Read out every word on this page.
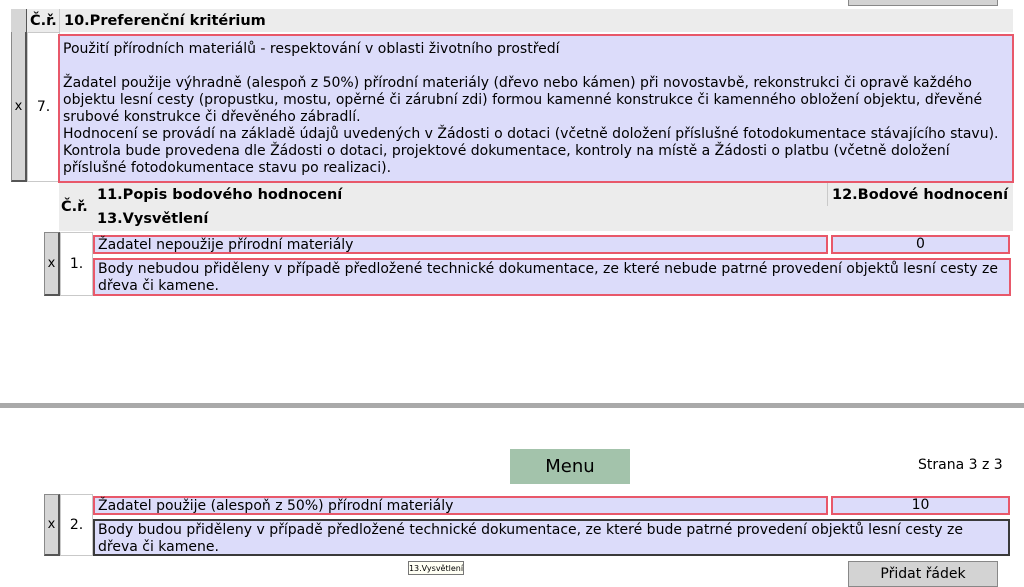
Č.ř. 10.Preferenční kritérium
x	7.
Použití přírodních materiálů - respektování v oblasti životního prostředí
Žadatel použije výhradně (alespoň z 50%) přírodní materiály (dřevo nebo kámen) při novostavbě, rekonstrukci či opravě každého objektu lesní cesty (propustku, mostu, opěrné či zárubní zdi) formou kamenné konstrukce či kamenného obložení objektu, dřevěné srubové konstrukce či dřevěného zábradlí.
Hodnocení se provádí na základě údajů uvedených v Žádosti o dotaci (včetně doložení příslušné fotodokumentace stávajícího stavu). Kontrola bude provedena dle Žádosti o dotaci, projektové dokumentace, kontroly na místě a Žádosti o platbu (včetně doložení příslušné fotodokumentace stavu po realizaci).
Č.ř.
11.Popis bodového hodnocení	12.Bodové hodnocení
13.Vysvětlení
x	1.
Žadatel nepoužije přírodní materiály	0
Body nebudou přiděleny v případě předložené technické dokumentace, ze které nebude patrné provedení objektů lesní cesty ze dřeva či kamene.
Menu	Strana 3 z 3
x	2.
Žadatel použije (alespoň z 50%) přírodní materiály	10
Body budou přiděleny v případě předložené technické dokumentace, ze které bude patrné provedení objektů lesní cesty ze dřeva či kamene.
13.Vysvětlení	Přidat řádek
